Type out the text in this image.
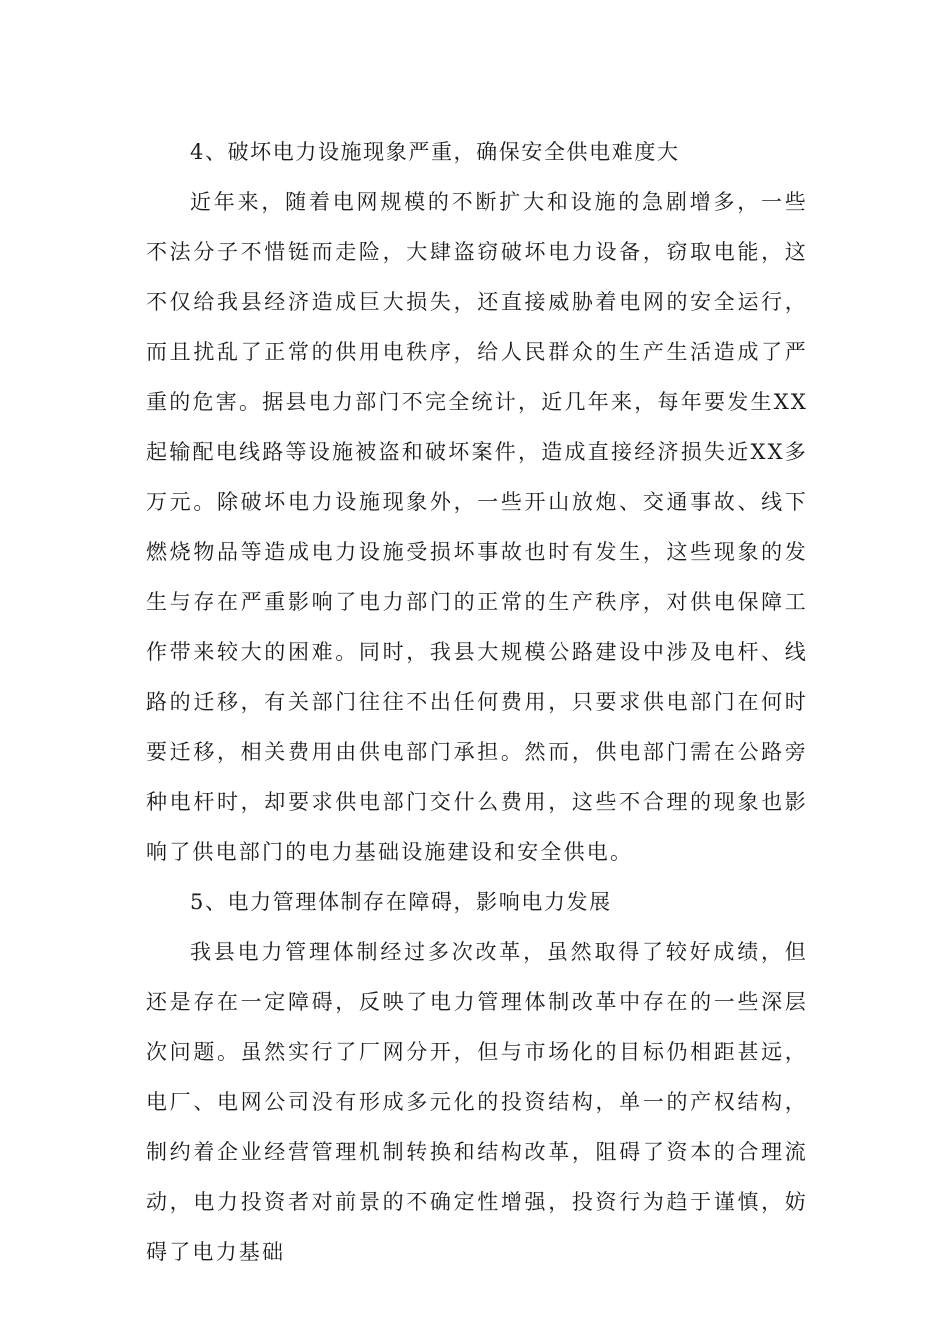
4、破坏电力设施现象严重，确保安全供电难度大

近年来，随着电网规模的不断扩大和设施的急剧增多，一些不法分子不惜铤而走险，大肆盗窃破坏电力设备，窃取电能，这不仅给我县经济造成巨大损失，还直接威胁着电网的安全运行，而且扰乱了正常的供用电秩序，给人民群众的生产生活造成了严重的危害。据县电力部门不完全统计，近几年来，每年要发生XX起输配电线路等设施被盗和破坏案件，造成直接经济损失近XX多万元。除破坏电力设施现象外，一些开山放炮、交通事故、线下燃烧物品等造成电力设施受损坏事故也时有发生，这些现象的发生与存在严重影响了电力部门的正常的生产秩序，对供电保障工作带来较大的困难。同时，我县大规模公路建设中涉及电杆、线路的迁移，有关部门往往不出任何费用，只要求供电部门在何时要迁移，相关费用由供电部门承担。然而，供电部门需在公路旁种电杆时，却要求供电部门交什么费用，这些不合理的现象也影响了供电部门的电力基础设施建设和安全供电。

5、电力管理体制存在障碍，影响电力发展

我县电力管理体制经过多次改革，虽然取得了较好成绩，但还是存在一定障碍，反映了电力管理体制改革中存在的一些深层次问题。虽然实行了厂网分开，但与市场化的目标仍相距甚远，电厂、电网公司没有形成多元化的投资结构，单一的产权结构，制约着企业经营管理机制转换和结构改革，阻碍了资本的合理流动，电力投资者对前景的不确定性增强，投资行为趋于谨慎，妨碍了电力基础
